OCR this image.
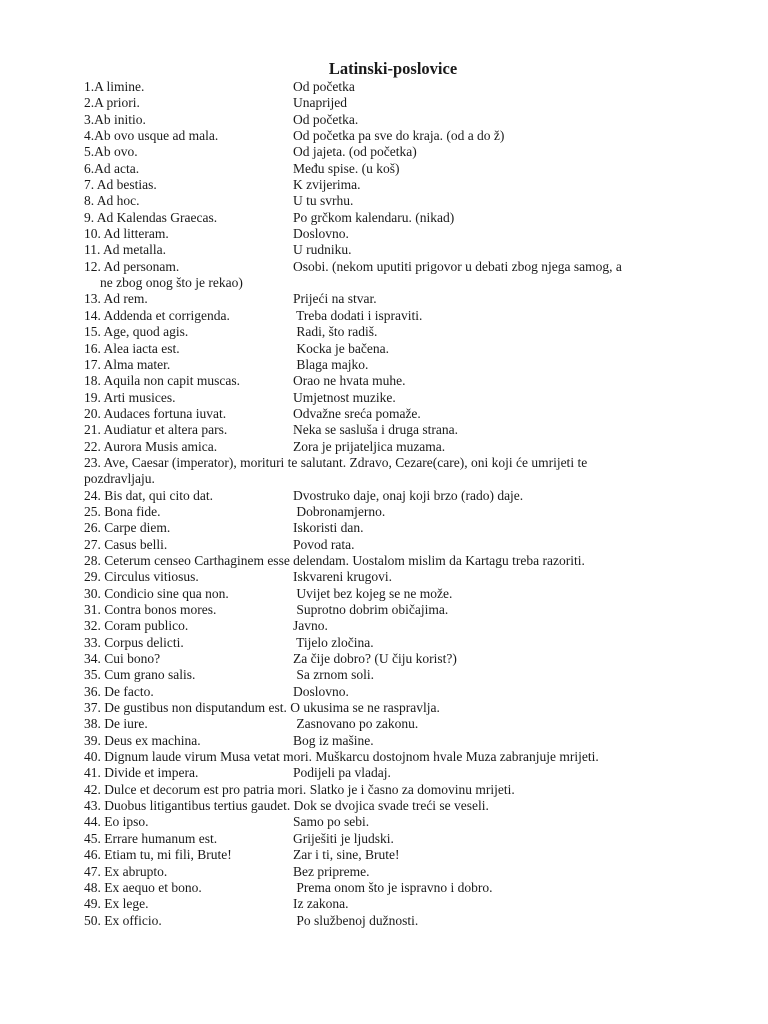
Latinski-poslovice
1.A limine.	Od početka
2.A priori.	Unaprijed
3.Ab initio.	Od početka.
4.Ab ovo usque ad mala.	Od početka pa sve do kraja. (od a do ž)
5.Ab ovo.	Od jajeta. (od početka)
6.Ad acta.	Među spise. (u koš)
7. Ad bestias.	K zvijerima.
8. Ad hoc.	U tu svrhu.
9. Ad Kalendas Graecas.	Po grčkom kalendaru. (nikad)
10. Ad litteram.	Doslovno.
11. Ad metalla.	U rudniku.
12. Ad personam.	Osobi. (nekom uputiti prigovor u debati zbog njega samog, a
ne zbog onog što je rekao)
13. Ad rem.	Prijeći na stvar.
14. Addenda et corrigenda.	Treba dodati i ispraviti.
15. Age, quod agis.	Radi, što radiš.
16. Alea iacta est.	Kocka je bačena.
17. Alma mater.	Blaga majko.
18. Aquila non capit muscas.	Orao ne hvata muhe.
19. Arti musices.	Umjetnost muzike.
20. Audaces fortuna iuvat.	Odvažne sreća pomaže.
21. Audiatur et altera pars.	Neka se sasluša i druga strana.
22. Aurora Musis amica.	Zora je prijateljica muzama.
23. Ave, Caesar (imperator), morituri te salutant. Zdravo, Cezare(care), oni koji će umrijeti te
pozdravljaju.
24. Bis dat, qui cito dat.	Dvostruko daje, onaj koji brzo (rado) daje.
25. Bona fide.	Dobronamjerno.
26. Carpe diem.	Iskoristi dan.
27. Casus belli.	Povod rata.
28. Ceterum censeo Carthaginem esse delendam. Uostalom mislim da Kartagu treba razoriti.
29. Circulus vitiosus.	Iskvareni krugovi.
30. Condicio sine qua non.	Uvijet bez kojeg se ne može.
31. Contra bonos mores.	Suprotno dobrim običajima.
32. Coram publico.	Javno.
33. Corpus delicti.	Tijelo zločina.
34. Cui bono?	Za čije dobro? (U čiju korist?)
35. Cum grano salis.	Sa zrnom soli.
36. De facto.	Doslovno.
37. De gustibus non disputandum est. O ukusima se ne raspravlja.
38. De iure.	Zasnovano po zakonu.
39. Deus ex machina.	Bog iz mašine.
40. Dignum laude virum Musa vetat mori. Muškarcu dostojnom hvale Muza zabranjuje mrijeti.
41. Divide et impera.	Podijeli pa vladaj.
42. Dulce et decorum est pro patria mori. Slatko je i časno za domovinu mrijeti.
43. Duobus litigantibus tertius gaudet. Dok se dvojica svade treći se veseli.
44. Eo ipso.	Samo po sebi.
45. Errare humanum est.	Griješiti je ljudski.
46. Etiam tu, mi fili, Brute!	Zar i ti, sine, Brute!
47. Ex abrupto.	Bez pripreme.
48. Ex aequo et bono.	Prema onom što je ispravno i dobro.
49. Ex lege.	Iz zakona.
50. Ex officio.	Po službenoj dužnosti.
